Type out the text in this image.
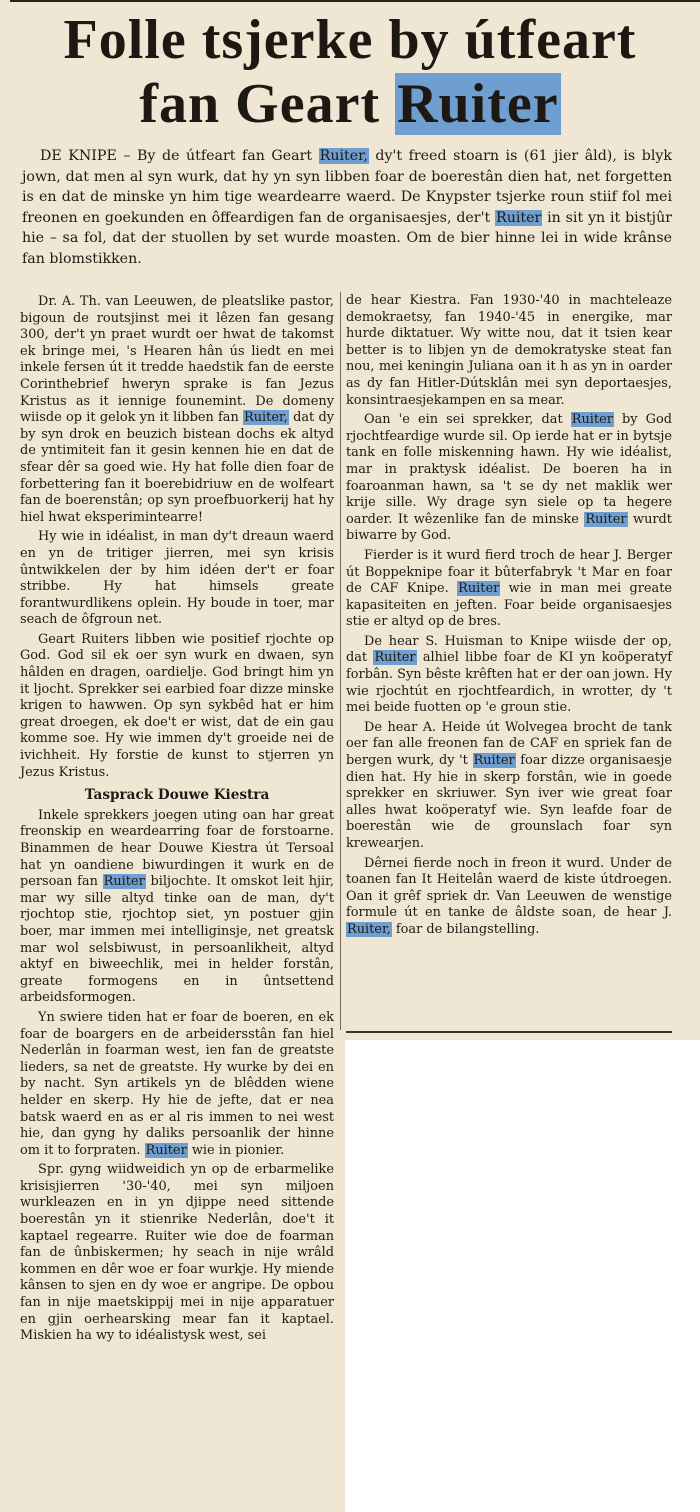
Folle tsjerke by útfeart
fan Geart Ruiter
DE KNIPE – By de útfeart fan Geart Ruiter, dy't freed stoarn is (61 jier âld), is blyk jown, dat men al syn wurk, dat hy yn syn libben foar de boerestân dien hat, net forgetten is en dat de minske yn him tige weardearre waerd. De Knypster tsjerke roun stiif fol mei freonen en goekunden en ôffeardigen fan de organisaesjes, der't Ruiter in sit yn it bistjûr hie – sa fol, dat der stuollen by set wurde moasten. Om de bier hinne lei in wide krânse fan blomstikken.

Dr. A. Th. van Leeuwen, de pleatslike pastor, bigoun de routsjinst mei it lêzen fan gesang 300, der't yn praet wurdt oer hwat de takomst ek bringe mei, 's Hearen hân ús liedt en mei inkele fersen út it tredde haedstik fan de eerste Corinthebrief hweryn sprake is fan Jezus Kristus as it iennige founemint. De domeny wiisde op it gelok yn it libben fan Ruiter, dat dy by syn drok en beuzich bistean dochs ek altyd de yntimiteit fan it gesin kennen hie en dat de sfear dêr sa goed wie. Hy hat folle dien foar de forbettering fan it boerebidriuw en de wolfeart fan de boerenstân; op syn proefbuorkerij hat hy hiel hwat eksperimintearre!

Hy wie in idéalist, in man dy't dreaun waerd en yn de tritiger jierren, mei syn krisis ûntwikkelen der by him idéen der't er foar stribbe. Hy hat himsels greate forantwurdlikens oplein. Hy boude in toer, mar seach de ôfgroun net.

Geart Ruiters libben wie positief rjochte op God. God sil ek oer syn wurk en dwaen, syn hâlden en dragen, oardielje. God bringt him yn it ljocht. Sprekker sei earbied foar dizze minske krigen to hawwen. Op syn sykbêd hat er him great droegen, ek doe't er wist, dat de ein gau komme soe. Hy wie immen dy't groeide nei de ivichheit. Hy forstie de kunst to stjerren yn Jezus Kristus.

Tasprack Douwe Kiestra

Inkele sprekkers joegen uting oan har great freonskip en weardearring foar de forstoarne. Binammen de hear Douwe Kiestra út Tersoal hat yn oandiene biwurdingen it wurk en de persoan fan Ruiter biljochte. It omskot leit hjir, mar wy sille altyd tinke oan de man, dy't rjochtop stie, rjochtop siet, yn postuer gjin boer, mar immen mei intelliginsje, net greatsk mar wol selsbiwust, in persoanlikheit, altyd aktyf en biweechlik, mei in helder forstân, greate formogens en in ûntsettend arbeidsformogen.

Yn swiere tiden hat er foar de boeren, en ek foar de boargers en de arbeidersstân fan hiel Nederlân in foarman west, ien fan de greatste lieders, sa net de greatste. Hy wurke by dei en by nacht. Syn artikels yn de blêdden wiene helder en skerp. Hy hie de jefte, dat er nea batsk waerd en as er al ris immen to nei west hie, dan gyng hy daliks persoanlik der hinne om it to forpraten. Ruiter wie in pionier.

Spr. gyng wiidweidich yn op de erbarmelike krisisjierren '30-'40, mei syn miljoen wurkleazen en in yn djippe need sittende boerestân yn it stienrike Nederlân, doe't it kaptael regearre. Ruiter wie doe de foarman fan de ûnbiskermen; hy seach in nije wrâld kommen en dêr woe er foar wurkje. Hy miende kânsen to sjen en dy woe er angripe. De opbou fan in nije maetskippij mei in nije apparatuer en gjin oerhearsking mear fan it kaptael. Miskien ha wy to idéalistysk west, sei

de hear Kiestra. Fan 1930-'40 in machteleaze demokraetsy, fan 1940-'45 in energike, mar hurde diktatuer. Wy witte nou, dat it tsien kear better is to libjen yn de demokratyske steat fan nou, mei keningin Juliana oan it h as yn in oarder as dy fan Hitler-Dútsklân mei syn deportaesjes, konsintraesjekampen en sa mear.

Oan 'e ein sei sprekker, dat Ruiter by God rjochtfeardige wurde sil. Op ierde hat er in bytsje tank en folle miskenning hawn. Hy wie idéalist, mar in praktysk idéalist. De boeren ha in foaroanman hawn, sa 't se dy net maklik wer krije sille. Wy drage syn siele op ta hegere oarder. It wêzenlike fan de minske Ruiter wurdt biwarre by God.

Fierder is it wurd fierd troch de hear J. Berger út Boppeknipe foar it bûterfabryk 't Mar en foar de CAF Knipe. Ruiter wie in man mei greate kapasiteiten en jeften. Foar beide organisaesjes stie er altyd op de bres.

De hear S. Huisman to Knipe wiisde der op, dat Ruiter alhiel libbe foar de KI yn koöperatyf forbân. Syn bêste krêften hat er der oan jown. Hy wie rjochtút en rjochtfeardich, in wrotter, dy 't mei beide fuotten op 'e groun stie.

De hear A. Heide út Wolvegea brocht de tank oer fan alle freonen fan de CAF en spriek fan de bergen wurk, dy 't Ruiter foar dizze organisaesje dien hat. Hy hie in skerp forstân, wie in goede sprekker en skriuwer. Syn iver wie great foar alles hwat koöperatyf wie. Syn leafde foar de boerestân wie de grounslach foar syn krewearjen.

Dêrnei fierde noch in freon it wurd. Under de toanen fan It Heitelân waerd de kiste útdroegen. Oan it grêf spriek dr. Van Leeuwen de wenstige formule út en tanke de âldste soan, de hear J. Ruiter, foar de bilangstelling.
